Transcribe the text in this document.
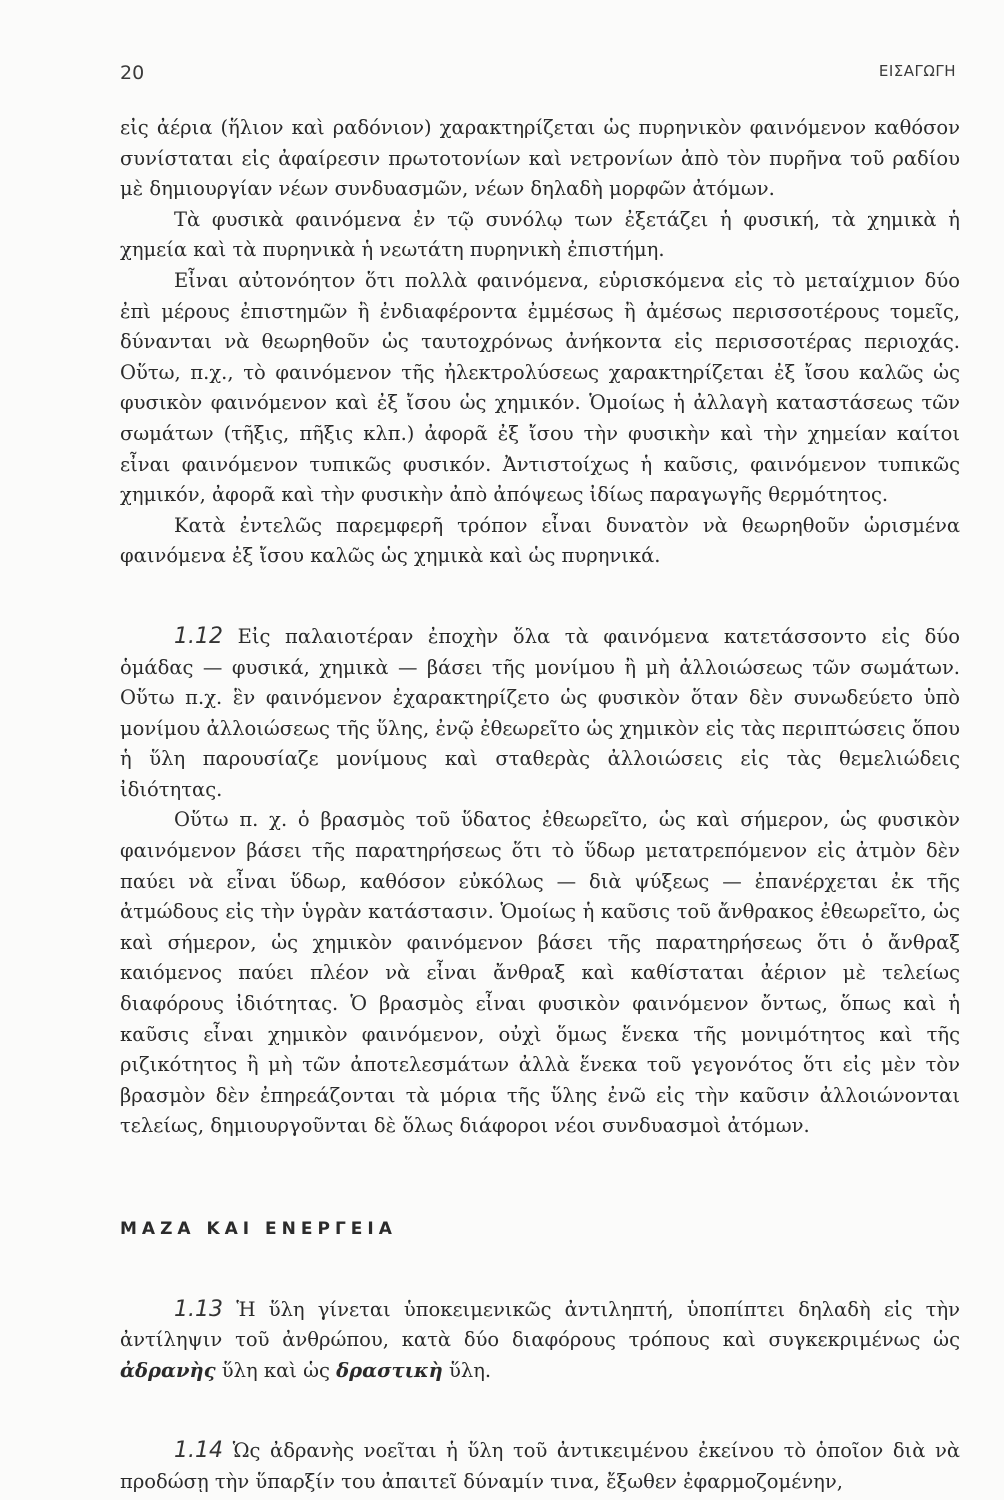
20	ΕΙΣΑΓΩΓΗ

εἰς ἀέρια (ἥλιον καὶ ραδόνιον) χαρακτηρίζεται ὡς πυρηνικὸν φαινόμενον καθόσον συνίσταται εἰς ἀφαίρεσιν πρωτοτονίων καὶ νετρονίων ἀπὸ τὸν πυρῆνα τοῦ ραδίου μὲ δημιουργίαν νέων συνδυασμῶν, νέων δηλαδὴ μορφῶν ἀτόμων.

Τὰ φυσικὰ φαινόμενα ἐν τῷ συνόλῳ των ἐξετάζει ἡ φυσική, τὰ χημικὰ ἡ χημεία καὶ τὰ πυρηνικὰ ἡ νεωτάτη πυρηνικὴ ἐπιστήμη.

Εἶναι αὐτονόητον ὅτι πολλὰ φαινόμενα, εὑρισκόμενα εἰς τὸ μεταίχμιον δύο ἐπὶ μέρους ἐπιστημῶν ἢ ἐνδιαφέροντα ἐμμέσως ἢ ἀμέσως περισσοτέρους τομεῖς, δύνανται νὰ θεωρηθοῦν ὡς ταυτοχρόνως ἀνήκοντα εἰς περισσοτέρας περιοχάς. Οὕτω, π.χ., τὸ φαινόμενον τῆς ἠλεκτρολύσεως χαρακτηρίζεται ἐξ ἴσου καλῶς ὡς φυσικὸν φαινόμενον καὶ ἐξ ἴσου ὡς χημικόν. Ὁμοίως ἡ ἀλλαγὴ καταστάσεως τῶν σωμάτων (τῆξις, πῆξις κλπ.) ἀφορᾶ ἐξ ἴσου τὴν φυσικὴν καὶ τὴν χημείαν καίτοι εἶναι φαινόμενον τυπικῶς φυσικόν. Ἀντιστοίχως ἡ καῦσις, φαινόμενον τυπικῶς χημικόν, ἀφορᾶ καὶ τὴν φυσικὴν ἀπὸ ἀπόψεως ἰδίως παραγωγῆς θερμότητος.

Κατὰ ἐντελῶς παρεμφερῆ τρόπον εἶναι δυνατὸν νὰ θεωρηθοῦν ὡρισμένα φαινόμενα ἐξ ἴσου καλῶς ὡς χημικὰ καὶ ὡς πυρηνικά.

1.12 Εἰς παλαιοτέραν ἐποχὴν ὅλα τὰ φαινόμενα κατετάσσοντο εἰς δύο ὁμάδας — φυσικά, χημικὰ — βάσει τῆς μονίμου ἢ μὴ ἀλλοιώσεως τῶν σωμάτων. Οὕτω π.χ. ἓν φαινόμενον ἐχαρακτηρίζετο ὡς φυσικὸν ὅταν δὲν συνωδεύετο ὑπὸ μονίμου ἀλλοιώσεως τῆς ὕλης, ἐνῷ ἐθεωρεῖτο ὡς χημικὸν εἰς τὰς περιπτώσεις ὅπου ἡ ὕλη παρουσίαζε μονίμους καὶ σταθερὰς ἀλλοιώσεις εἰς τὰς θεμελιώδεις ἰδιότητας.

Οὕτω π. χ. ὁ βρασμὸς τοῦ ὕδατος ἐθεωρεῖτο, ὡς καὶ σήμερον, ὡς φυσικὸν φαινόμενον βάσει τῆς παρατηρήσεως ὅτι τὸ ὕδωρ μετατρεπόμενον εἰς ἀτμὸν δὲν παύει νὰ εἶναι ὕδωρ, καθόσον εὐκόλως — διὰ ψύξεως — ἐπανέρχεται ἐκ τῆς ἀτμώδους εἰς τὴν ὑγρὰν κατάστασιν. Ὁμοίως ἡ καῦσις τοῦ ἄνθρακος ἐθεωρεῖτο, ὡς καὶ σήμερον, ὡς χημικὸν φαινόμενον βάσει τῆς παρατηρήσεως ὅτι ὁ ἄνθραξ καιόμενος παύει πλέον νὰ εἶναι ἄνθραξ καὶ καθίσταται ἀέριον μὲ τελείως διαφόρους ἰδιότητας. Ὁ βρασμὸς εἶναι φυσικὸν φαινόμενον ὄντως, ὅπως καὶ ἡ καῦσις εἶναι χημικὸν φαινόμενον, οὐχὶ ὅμως ἕνεκα τῆς μονιμότητος καὶ τῆς ριζικότητος ἢ μὴ τῶν ἀποτελεσμάτων ἀλλὰ ἕνεκα τοῦ γεγονότος ὅτι εἰς μὲν τὸν βρασμὸν δὲν ἐπηρεάζονται τὰ μόρια τῆς ὕλης ἐνῶ εἰς τὴν καῦσιν ἀλλοιώνονται τελείως, δημιουργοῦνται δὲ ὅλως διάφοροι νέοι συνδυασμοὶ ἀτόμων.

ΜΑΖΑ ΚΑΙ ΕΝΕΡΓΕΙΑ

1.13 Ἡ ὕλη γίνεται ὑποκειμενικῶς ἀντιληπτή, ὑποπίπτει δηλαδὴ εἰς τὴν ἀντίληψιν τοῦ ἀνθρώπου, κατὰ δύο διαφόρους τρόπους καὶ συγκεκριμένως ὡς ἀδρανὴς ὕλη καὶ ὡς δραστικὴ ὕλη.

1.14 Ὡς ἀδρανὴς νοεῖται ἡ ὕλη τοῦ ἀντικειμένου ἐκείνου τὸ ὁποῖον διὰ νὰ προδώσῃ τὴν ὕπαρξίν του ἀπαιτεῖ δύναμίν τινα, ἔξωθεν ἐφαρμοζομένην,
